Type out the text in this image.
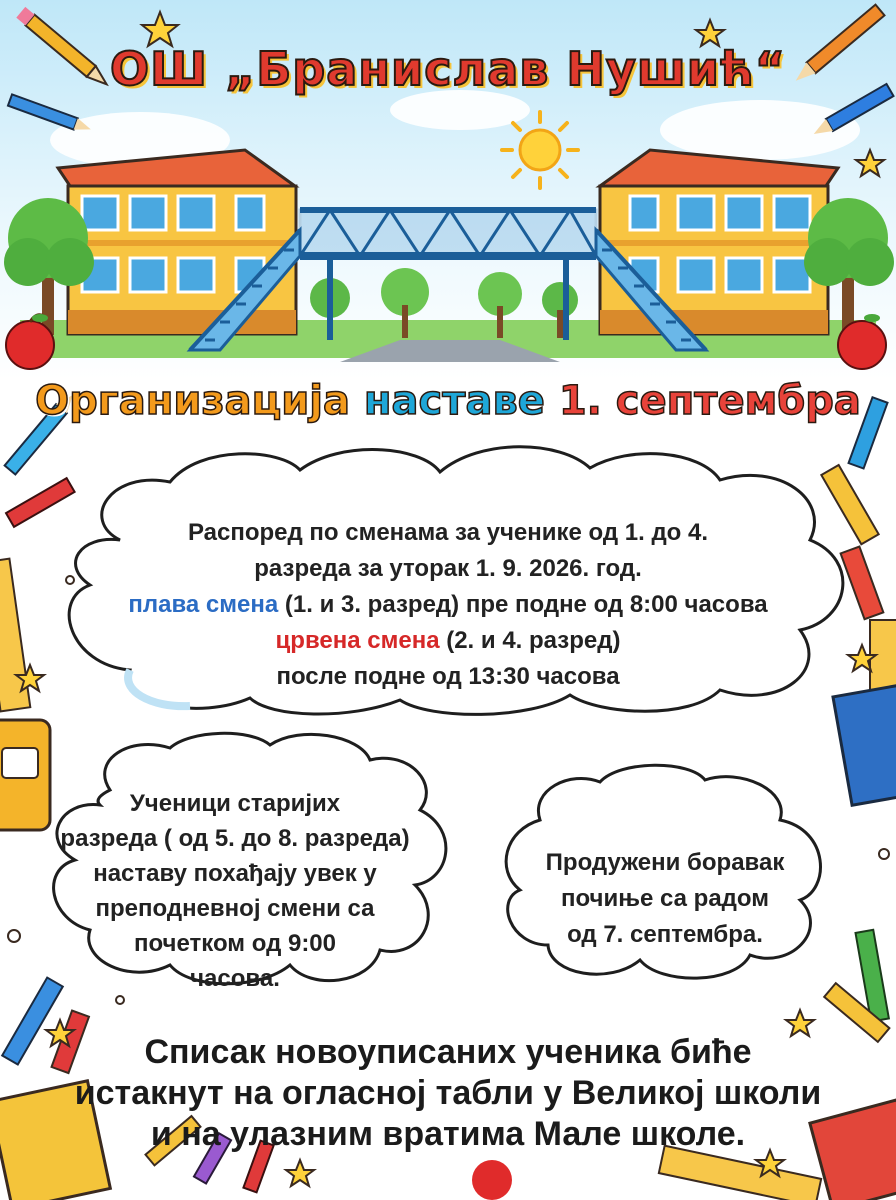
ОШ „Бранислав Нушић“
Организација наставе 1. септембра
Распоред по сменама за ученике од 1. до 4.
разреда за уторак 1. 9. 2026. год.
плава смена (1. и 3. разред) пре подне од 8:00 часова
црвена смена (2. и 4. разред)
после подне од 13:30 часова
Ученици старијих
разреда ( од 5. до 8. разреда)
наставу похађају увек у
преподневној смени са
почетком од 9:00
часова.
Продужени боравак
почиње са радом
од 7. септембра.
Списак новоуписаних ученика биће
истакнут на огласној табли у Великој школи
и на улазним вратима Мале школе.
